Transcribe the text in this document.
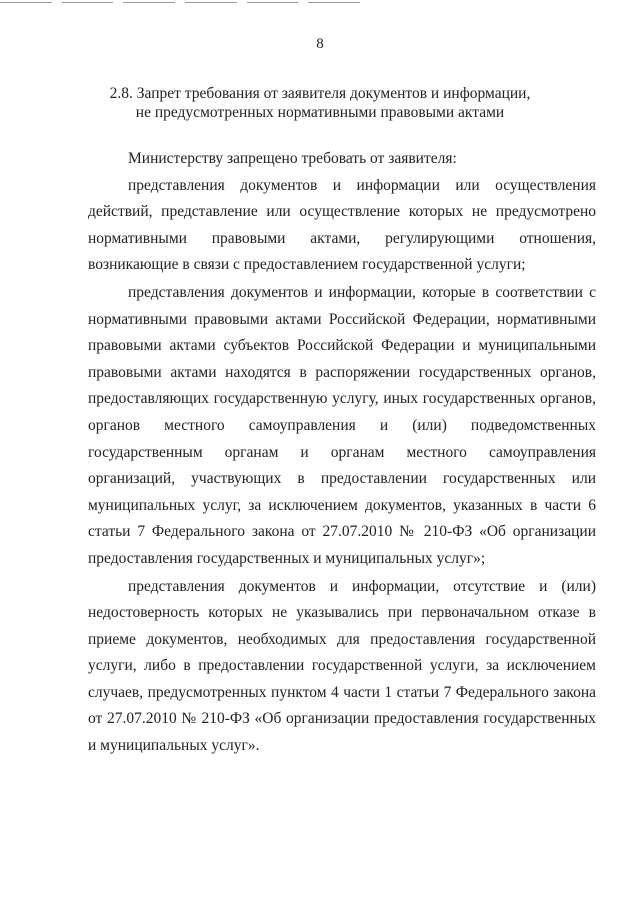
8
2.8. Запрет требования от заявителя документов и информации,
не предусмотренных нормативными правовыми актами

Министерству запрещено требовать от заявителя:

представления документов и информации или осуществления действий, представление или осуществление которых не предусмотрено нормативными правовыми актами, регулирующими отношения, возникающие в связи с предоставлением государственной услуги;

представления документов и информации, которые в соответствии с нормативными правовыми актами Российской Федерации, нормативными правовыми актами субъектов Российской Федерации и муниципальными правовыми актами находятся в распоряжении государственных органов, предоставляющих государственную услугу, иных государственных органов, органов местного самоуправления и (или) подведомственных государственным органам и органам местного самоуправления организаций, участвующих в предоставлении государственных или муниципальных услуг, за исключением документов, указанных в части 6 статьи 7 Федерального закона от 27.07.2010 № 210-ФЗ «Об организации предоставления государственных и муниципальных услуг»;

представления документов и информации, отсутствие и (или) недостоверность которых не указывались при первоначальном отказе в приеме документов, необходимых для предоставления государственной услуги, либо в предоставлении государственной услуги, за исключением случаев, предусмотренных пунктом 4 части 1 статьи 7 Федерального закона от 27.07.2010 № 210-ФЗ «Об организации предоставления государственных и муниципальных услуг».
